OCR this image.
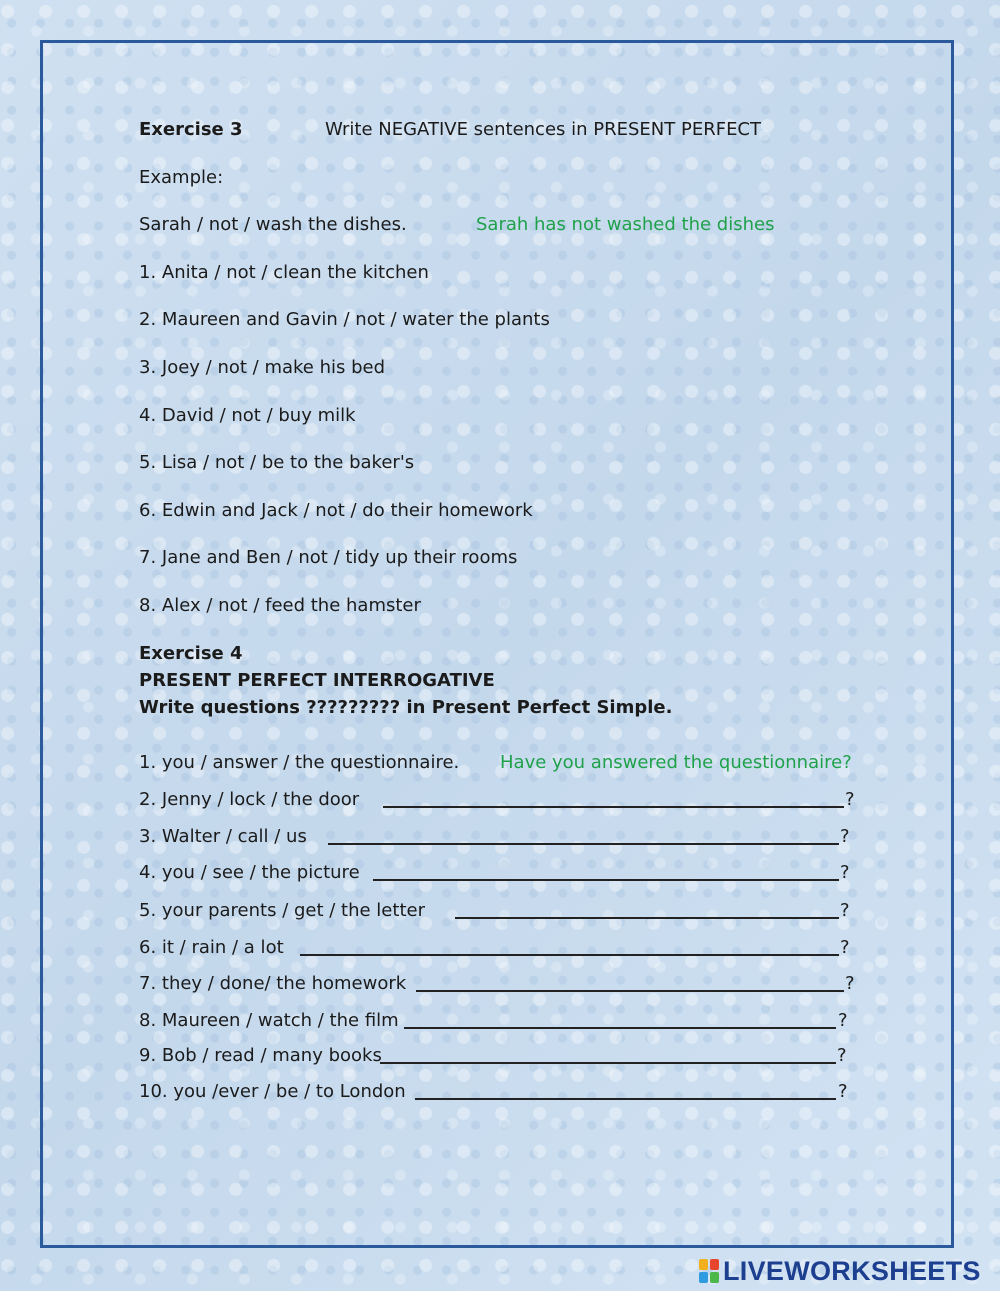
Exercise 3	Write NEGATIVE sentences in PRESENT PERFECT
Example:
Sarah / not / wash the dishes.	Sarah has not washed the dishes
1. Anita / not / clean the kitchen
2. Maureen and Gavin / not / water the plants
3. Joey / not / make his bed
4. David / not / buy milk
5. Lisa / not / be to the baker's
6. Edwin and Jack / not / do their homework
7. Jane and Ben / not / tidy up their rooms
8. Alex / not / feed the hamster
Exercise 4
PRESENT PERFECT INTERROGATIVE
Write questions ????????? in Present Perfect Simple.
1. you / answer / the questionnaire. Have you answered the questionnaire?
2. Jenny / lock / the door	?
3. Walter / call / us	?
4. you / see / the picture	?
5. your parents / get / the letter	?
6. it / rain / a lot	?
7. they / done/ the homework	?
8. Maureen / watch / the film	?
9. Bob / read / many books	?
10. you /ever / be / to London	?
LIVEWORKSHEETS
